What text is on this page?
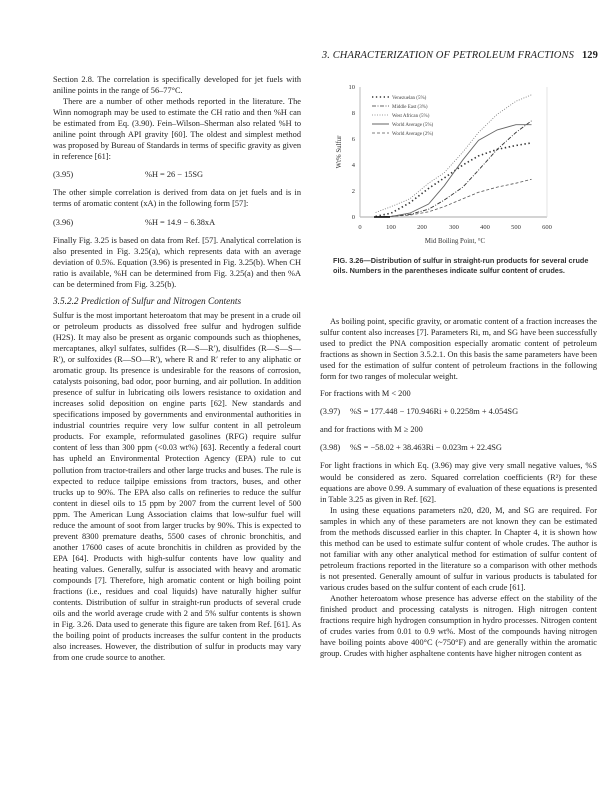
3. CHARACTERIZATION OF PETROLEUM FRACTIONS 129

Section 2.8. The correlation is specifically developed for jet fuels with aniline points in the range of 56–77°C.

There are a number of other methods reported in the literature. The Winn nomograph may be used to estimate the CH ratio and then %H can be estimated from Eq. (3.90). Fein–Wilson–Sherman also related %H to aniline point through API gravity [60]. The oldest and simplest method was proposed by Bureau of Standards in terms of specific gravity as given in reference [61]:

(3.95)	%H = 26 − 15SG

The other simple correlation is derived from data on jet fuels and is in terms of aromatic content (xA) in the following form [57]:

(3.96)	%H = 14.9 − 6.38xA

Finally Fig. 3.25 is based on data from Ref. [57]. Analytical correlation is also presented in Fig. 3.25(a), which represents data with an average deviation of 0.5%. Equation (3.96) is presented in Fig. 3.25(b). When CH ratio is available, %H can be determined from Fig. 3.25(a) and then %A can be determined from Fig. 3.25(b).

3.5.2.2 Prediction of Sulfur and Nitrogen Contents

Sulfur is the most important heteroatom that may be present in a crude oil or petroleum products as dissolved free sulfur and hydrogen sulfide (H2S). It may also be present as organic compounds such as thiophenes, mercaptanes, alkyl sulfates, sulfides (R—S—R′), disulfides (R—S—S—R′), or sulfoxides (R—SO—R′), where R and R′ refer to any aliphatic or aromatic group. Its presence is undesirable for the reasons of corrosion, catalysts poisoning, bad odor, poor burning, and air pollution. In addition presence of sulfur in lubricating oils lowers resistance to oxidation and increases solid deposition on engine parts [62]. New standards and specifications imposed by governments and environmental authorities in industrial countries require very low sulfur content in all petroleum products. For example, reformulated gasolines (RFG) require sulfur content of less than 300 ppm (<0.03 wt%) [63]. Recently a federal court has upheld an Environmental Protection Agency (EPA) rule to cut pollution from tractor-trailers and other large trucks and buses. The rule is expected to reduce tailpipe emissions from tractors, buses, and other trucks up to 90%. The EPA also calls on refineries to reduce the sulfur content in diesel oils to 15 ppm by 2007 from the current level of 500 ppm. The American Lung Association claims that low-sulfur fuel will reduce the amount of soot from larger trucks by 90%. This is expected to prevent 8300 premature deaths, 5500 cases of chronic bronchitis, and another 17600 cases of acute bronchitis in children as provided by the EPA [64]. Products with high-sulfur contents have low quality and heating values. Generally, sulfur is associated with heavy and aromatic compounds [7]. Therefore, high aromatic content or high boiling point fractions (i.e., residues and coal liquids) have naturally higher sulfur contents. Distribution of sulfur in straight-run products of several crude oils and the world average crude with 2 and 5% sulfur contents is shown in Fig. 3.26. Data used to generate this figure are taken from Ref. [61]. As the boiling point of products increases the sulfur content in the products also increases. However, the distribution of sulfur in products may vary from one crude source to another.

0
2
4
6
8
10
0	100	200	300	400	500	600
Mid Boiling Point, °C
Wt% Sulfur
Venezuelan (5%)
Middle East (3%)
West African (5%)
World Average (5%)
World Average (2%)
FIG. 3.26—Distribution of sulfur in straight-run products for several crude oils. Numbers in the parentheses indicate sulfur content of crudes.

As boiling point, specific gravity, or aromatic content of a fraction increases the sulfur content also increases [7]. Parameters Ri, m, and SG have been successfully used to predict the PNA composition especially aromatic content of petroleum fractions as shown in Section 3.5.2.1. On this basis the same parameters have been used for the estimation of sulfur content of petroleum fractions in the following form for two ranges of molecular weight.

For fractions with M < 200

(3.97)	%S = 177.448 − 170.946Ri + 0.2258m + 4.054SG

and for fractions with M ≥ 200

(3.98)	%S = −58.02 + 38.463Ri − 0.023m + 22.4SG

For light fractions in which Eq. (3.96) may give very small negative values, %S would be considered as zero. Squared correlation coefficients (R²) for these equations are above 0.99. A summary of evaluation of these equations is presented in Table 3.25 as given in Ref. [62].

In using these equations parameters n20, d20, M, and SG are required. For samples in which any of these parameters are not known they can be estimated from the methods discussed earlier in this chapter. In Chapter 4, it is shown how this method can be used to estimate sulfur content of whole crudes. The author is not familiar with any other analytical method for estimation of sulfur content of petroleum fractions reported in the literature so a comparison with other methods is not presented. Generally amount of sulfur in various products is tabulated for various crudes based on the sulfur content of each crude [61].

Another heteroatom whose presence has adverse effect on the stability of the finished product and processing catalysts is nitrogen. High nitrogen content fractions require high hydrogen consumption in hydro processes. Nitrogen content of crudes varies from 0.01 to 0.9 wt%. Most of the compounds having nitrogen have boiling points above 400°C (~750°F) and are generally within the aromatic group. Crudes with higher asphaltene contents have higher nitrogen content as
